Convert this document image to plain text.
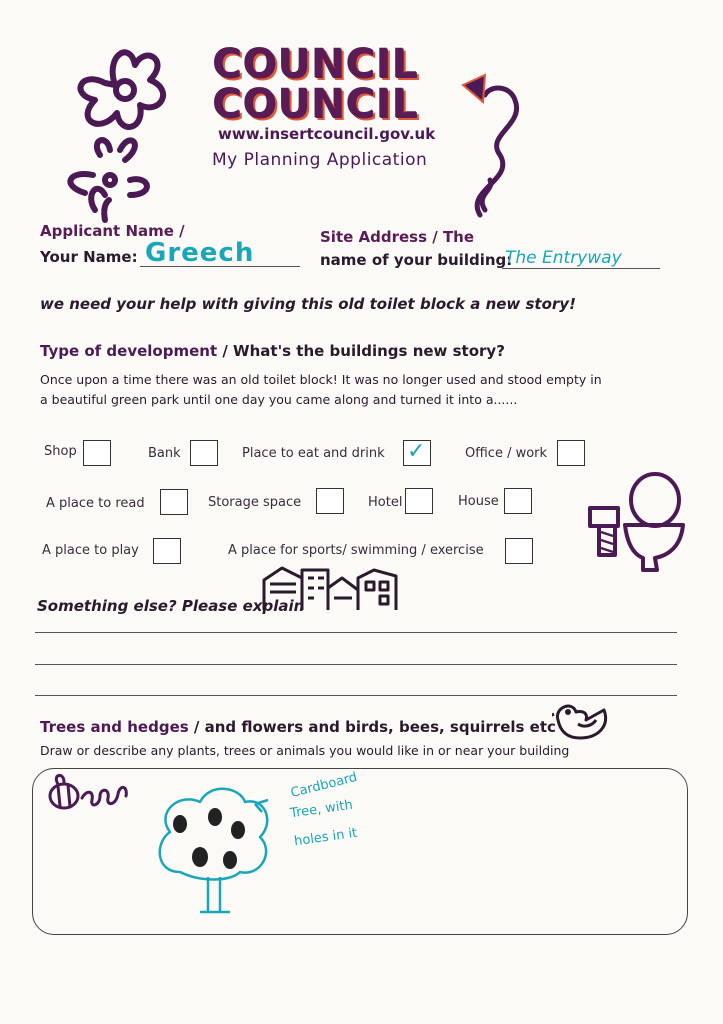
COUNCIL
COUNCIL
www.insertcouncil.gov.uk
My Planning Application
Applicant Name /
Your Name: Greech
Site Address / The
name of your building:
The Entryway
we need your help with giving this old toilet block a new story!
Type of development / What's the buildings new story?
Once upon a time there was an old toilet block! It was no longer used and stood empty in
a beautiful green park until one day you came along and turned it into a......
Shop	Bank	Place to eat and drink ✓	Office / work
A place to read	Storage space	Hotel	House
A place to play	A place for sports/ swimming / exercise
Something else? Please explain
Trees and hedges / and flowers and birds, bees, squirrels etc
Draw or describe any plants, trees or animals you would like in or near your building
Cardboard
Tree, with
holes in it
